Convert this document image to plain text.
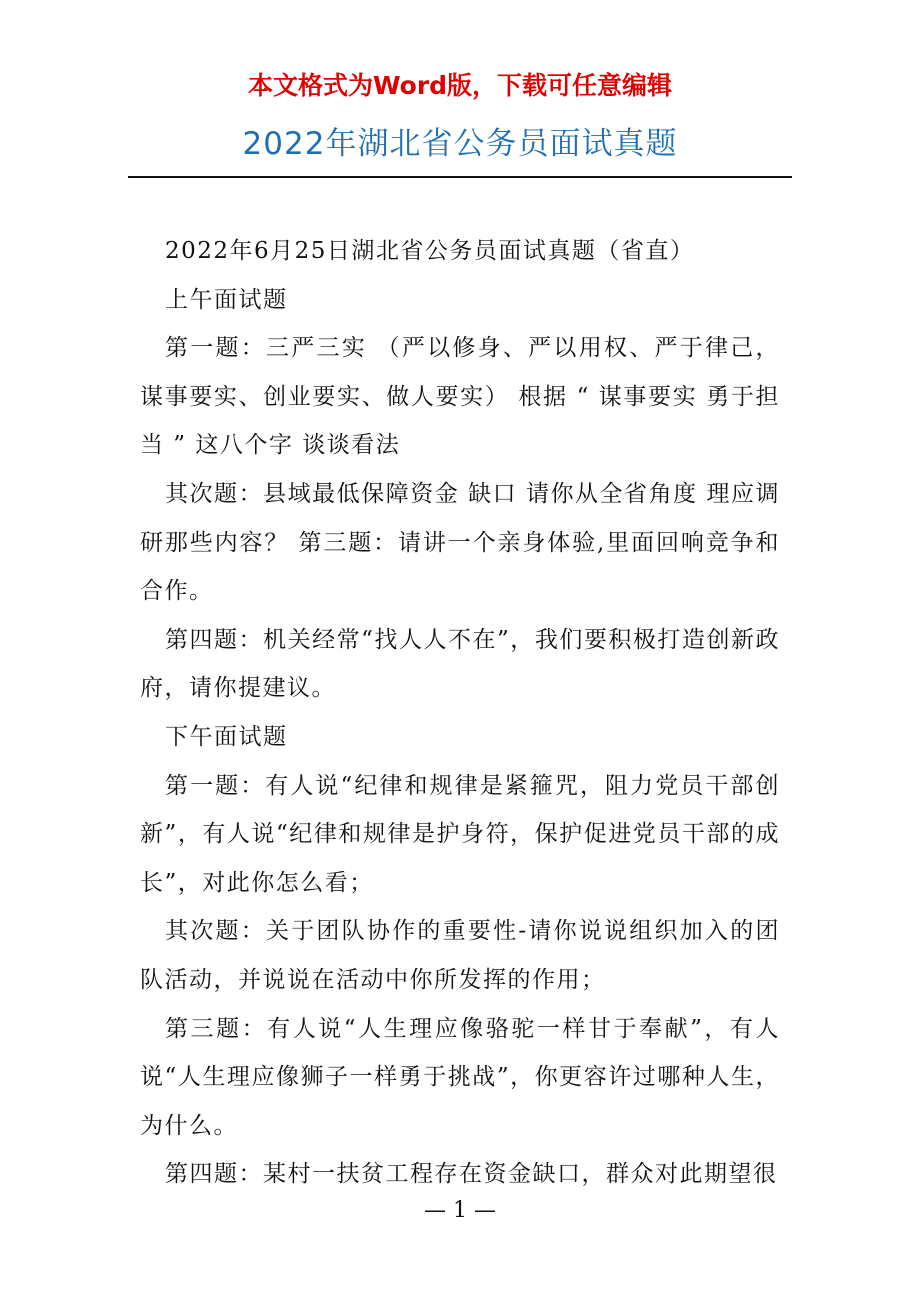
本文格式为Word版，下载可任意编辑
2022年湖北省公务员面试真题

2022年6月25日湖北省公务员面试真题（省直）

上午面试题

第一题：三严三实 （严以修身、严以用权、严于律己，谋事要实、创业要实、做人要实） 根据 “ 谋事要实 勇于担当 ” 这八个字 谈谈看法

其次题：县域最低保障资金 缺口 请你从全省角度 理应调研那些内容？ 第三题：请讲一个亲身体验,里面回响竞争和合作。

第四题：机关经常“找人人不在”，我们要积极打造创新政府，请你提建议。

下午面试题

第一题：有人说“纪律和规律是紧箍咒，阻力党员干部创新”，有人说“纪律和规律是护身符，保护促进党员干部的成长”，对此你怎么看；

其次题：关于团队协作的重要性-请你说说组织加入的团队活动，并说说在活动中你所发挥的作用；

第三题：有人说“人生理应像骆驼一样甘于奉献”，有人说“人生理应像狮子一样勇于挑战”，你更容许过哪种人生，为什么。

第四题：某村一扶贫工程存在资金缺口，群众对此期望很

— 1 —
